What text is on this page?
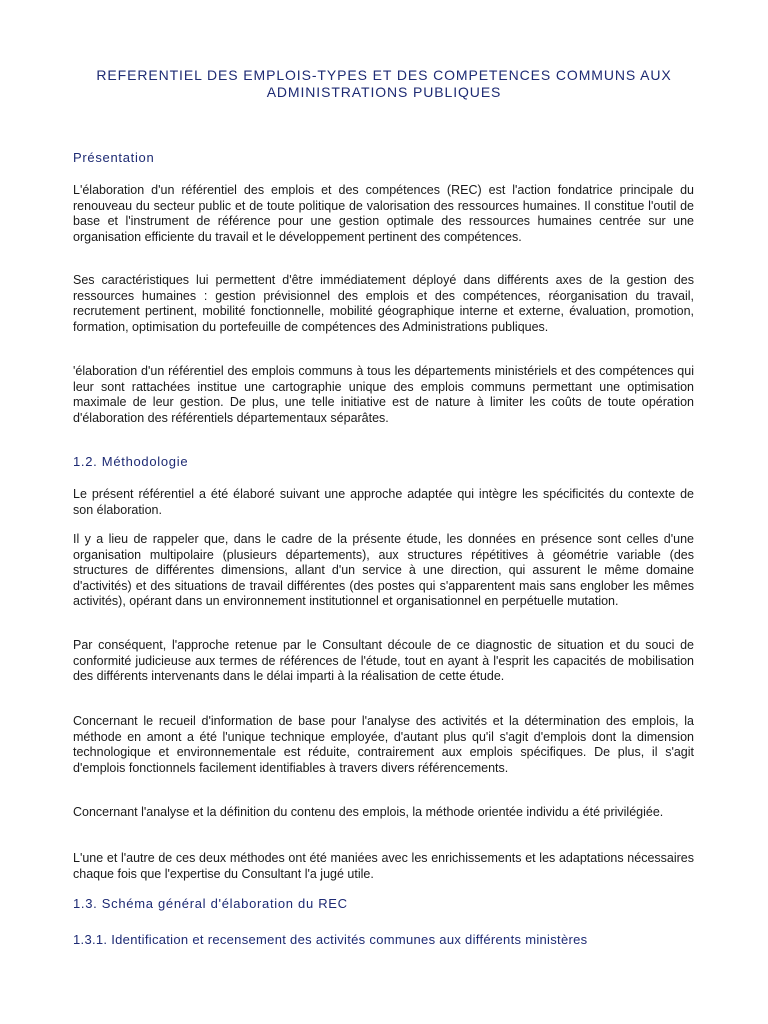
REFERENTIEL DES EMPLOIS-TYPES ET DES COMPETENCES COMMUNS AUX
ADMINISTRATIONS PUBLIQUES
Présentation
L'élaboration d'un référentiel des emplois et des compétences (REC) est l'action fondatrice principale du renouveau du secteur public et de toute politique de valorisation des ressources humaines. Il constitue l'outil de base et l'instrument de référence pour une gestion optimale des ressources humaines centrée sur une organisation efficiente du travail et le développement pertinent des compétences.
Ses caractéristiques lui permettent d'être immédiatement déployé dans différents axes de la gestion des ressources humaines : gestion prévisionnel des emplois et des compétences, réorganisation du travail, recrutement pertinent, mobilité fonctionnelle, mobilité géographique interne et externe, évaluation, promotion, formation, optimisation du portefeuille de compétences des Administrations publiques.
'élaboration d'un référentiel des emplois communs à tous les départements ministériels et des compétences qui leur sont rattachées institue une cartographie unique des emplois communs permettant une optimisation maximale de leur gestion. De plus, une telle initiative est de nature à limiter les coûts de toute opération d'élaboration des référentiels départementaux séparâtes.
1.2. Méthodologie
Le présent référentiel a été élaboré suivant une approche adaptée qui intègre les spécificités du contexte de son élaboration.
Il y a lieu de rappeler que, dans le cadre de la présente étude, les données en présence sont celles d'une organisation multipolaire (plusieurs départements), aux structures répétitives à géométrie variable (des structures de différentes dimensions, allant d'un service à une direction, qui assurent le même domaine d'activités) et des situations de travail différentes (des postes qui s'apparentent mais sans englober les mêmes activités), opérant dans un environnement institutionnel et organisationnel en perpétuelle mutation.
Par conséquent, l'approche retenue par le Consultant découle de ce diagnostic de situation et du souci de conformité judicieuse aux termes de références de l'étude, tout en ayant à l'esprit les capacités de mobilisation des différents intervenants dans le délai imparti à la réalisation de cette étude.
Concernant le recueil d'information de base pour l'analyse des activités et la détermination des emplois, la méthode en amont a été l'unique technique employée, d'autant plus qu'il s'agit d'emplois dont la dimension technologique et environnementale est réduite, contrairement aux emplois spécifiques. De plus, il s'agit d'emplois fonctionnels facilement identifiables à travers divers référencements.
Concernant l'analyse et la définition du contenu des emplois, la méthode orientée individu a été privilégiée.
L'une et l'autre de ces deux méthodes ont été maniées avec les enrichissements et les adaptations nécessaires chaque fois que l'expertise du Consultant l'a jugé utile.
1.3. Schéma général d'élaboration du REC
1.3.1. Identification et recensement des activités communes aux différents ministères
